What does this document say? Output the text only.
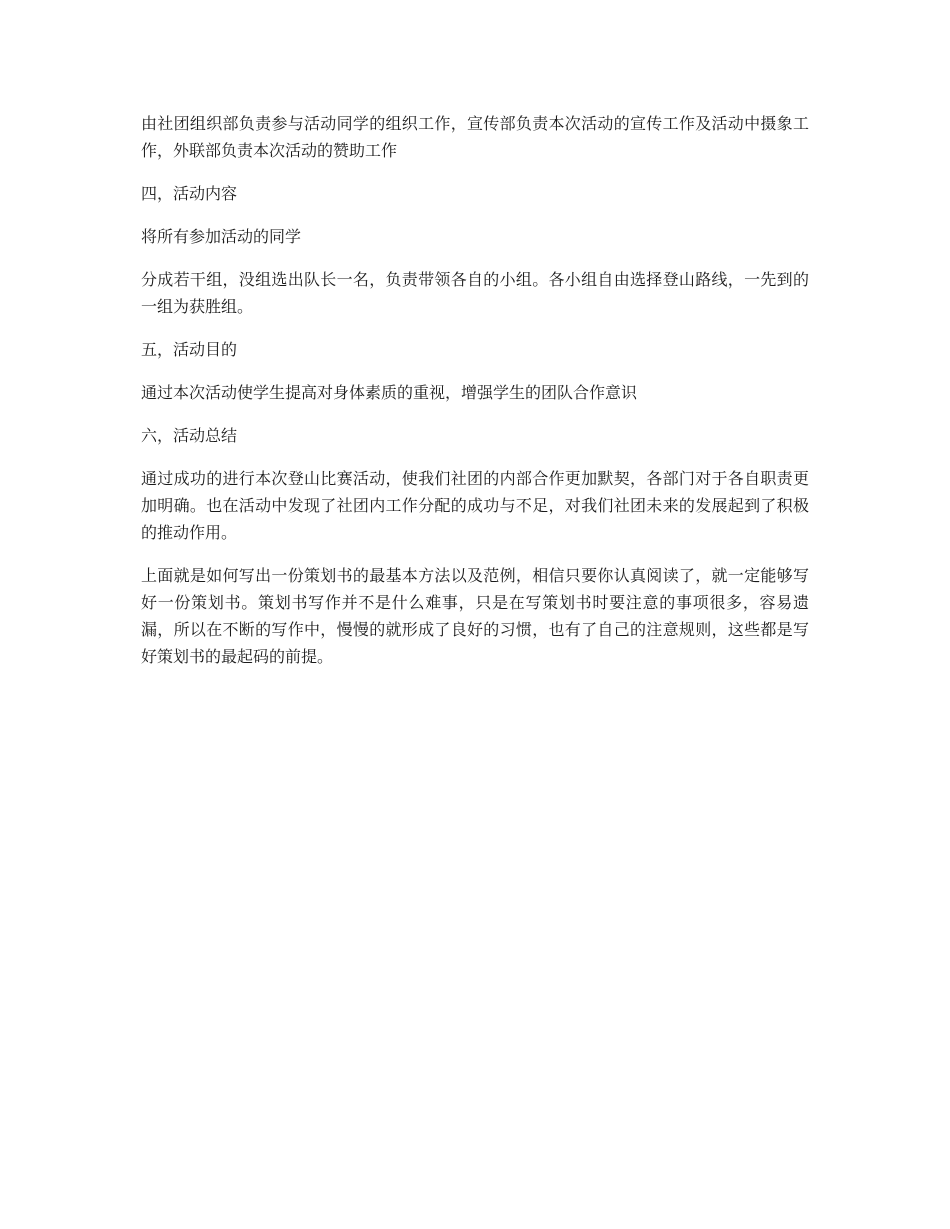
由社团组织部负责参与活动同学的组织工作，宣传部负责本次活动的宣传工作及活动中摄象工作，外联部负责本次活动的赞助工作

四，活动内容

将所有参加活动的同学

分成若干组，没组选出队长一名，负责带领各自的小组。各小组自由选择登山路线，一先到的一组为获胜组。

五，活动目的

通过本次活动使学生提高对身体素质的重视，增强学生的团队合作意识

六，活动总结

通过成功的进行本次登山比赛活动，使我们社团的内部合作更加默契，各部门对于各自职责更加明确。也在活动中发现了社团内工作分配的成功与不足，对我们社团未来的发展起到了积极的推动作用。

上面就是如何写出一份策划书的最基本方法以及范例，相信只要你认真阅读了，就一定能够写好一份策划书。策划书写作并不是什么难事，只是在写策划书时要注意的事项很多，容易遗漏，所以在不断的写作中，慢慢的就形成了良好的习惯，也有了自己的注意规则，这些都是写好策划书的最起码的前提。
